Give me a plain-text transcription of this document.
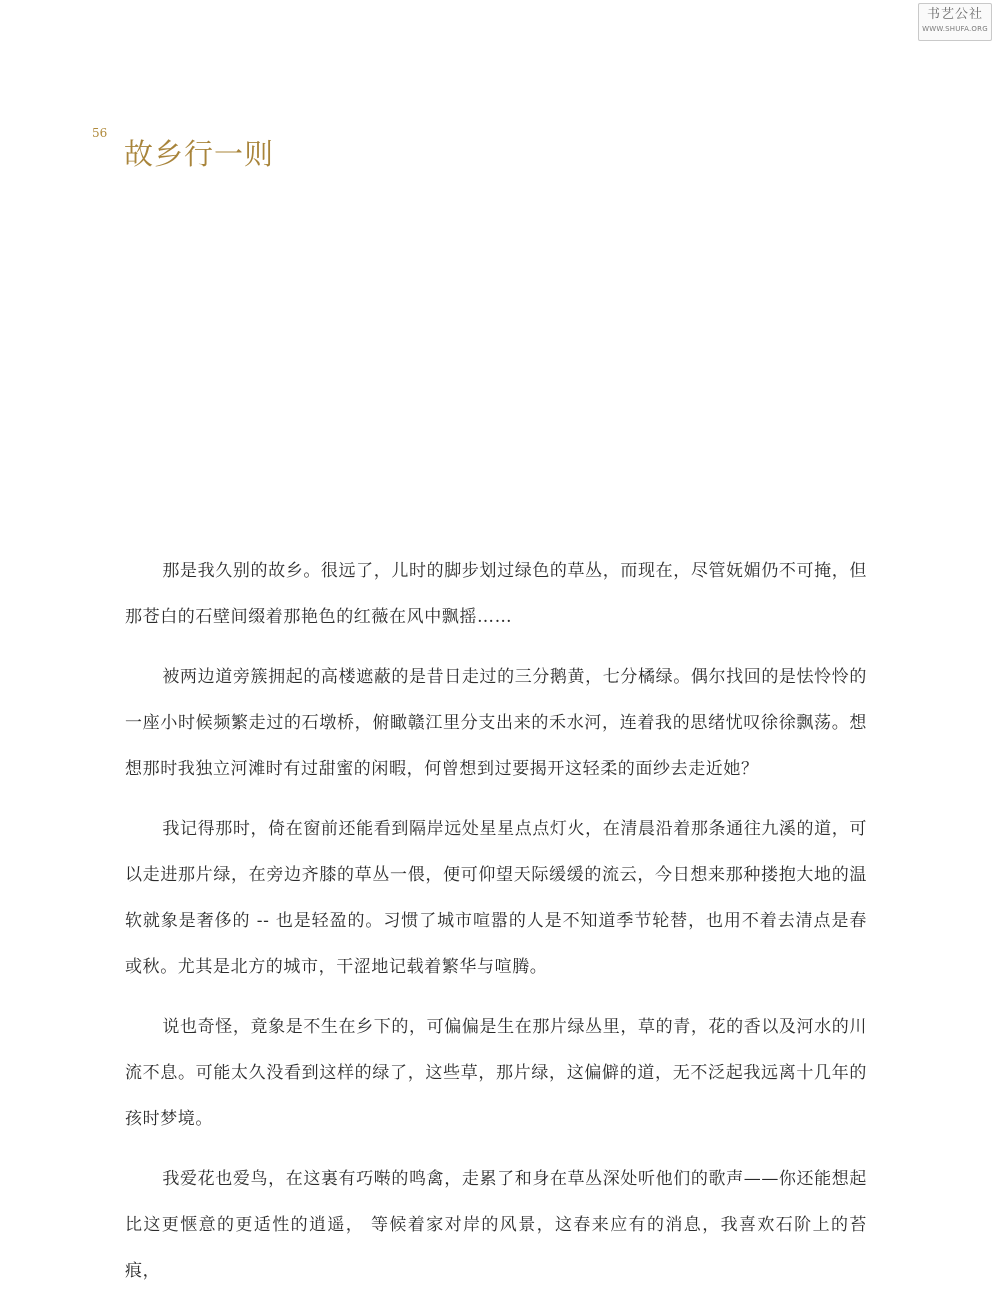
书艺公社
WWW.SHUFA.ORG
56
故乡行一则

那是我久别的故乡。很远了，儿时的脚步划过绿色的草丛，而现在，尽管妩媚仍不可掩，但那苍白的石壁间缀着那艳色的红薇在风中飘摇……

被两边道旁簇拥起的高楼遮蔽的是昔日走过的三分鹅黄，七分橘绿。偶尔找回的是怯怜怜的一座小时候频繁走过的石墩桥，俯瞰赣江里分支出来的禾水河，连着我的思绪忧叹徐徐飘荡。想想那时我独立河滩时有过甜蜜的闲暇，何曾想到过要揭开这轻柔的面纱去走近她？

我记得那时，倚在窗前还能看到隔岸远处星星点点灯火，在清晨沿着那条通往九溪的道，可以走进那片绿，在旁边齐膝的草丛一偎，便可仰望天际缓缓的流云，今日想来那种搂抱大地的温软就象是奢侈的 -- 也是轻盈的。习惯了城市喧嚣的人是不知道季节轮替，也用不着去清点是春或秋。尤其是北方的城市，干涩地记载着繁华与喧腾。

说也奇怪，竟象是不生在乡下的，可偏偏是生在那片绿丛里，草的青，花的香以及河水的川流不息。可能太久没看到这样的绿了，这些草，那片绿，这偏僻的道，无不泛起我远离十几年的孩时梦境。

我爱花也爱鸟，在这裏有巧啭的鸣禽，走累了和身在草丛深处听他们的歌声——你还能想起比这更惬意的更适性的逍遥， 等候着家对岸的风景，这春来应有的消息，我喜欢石阶上的苔痕，
